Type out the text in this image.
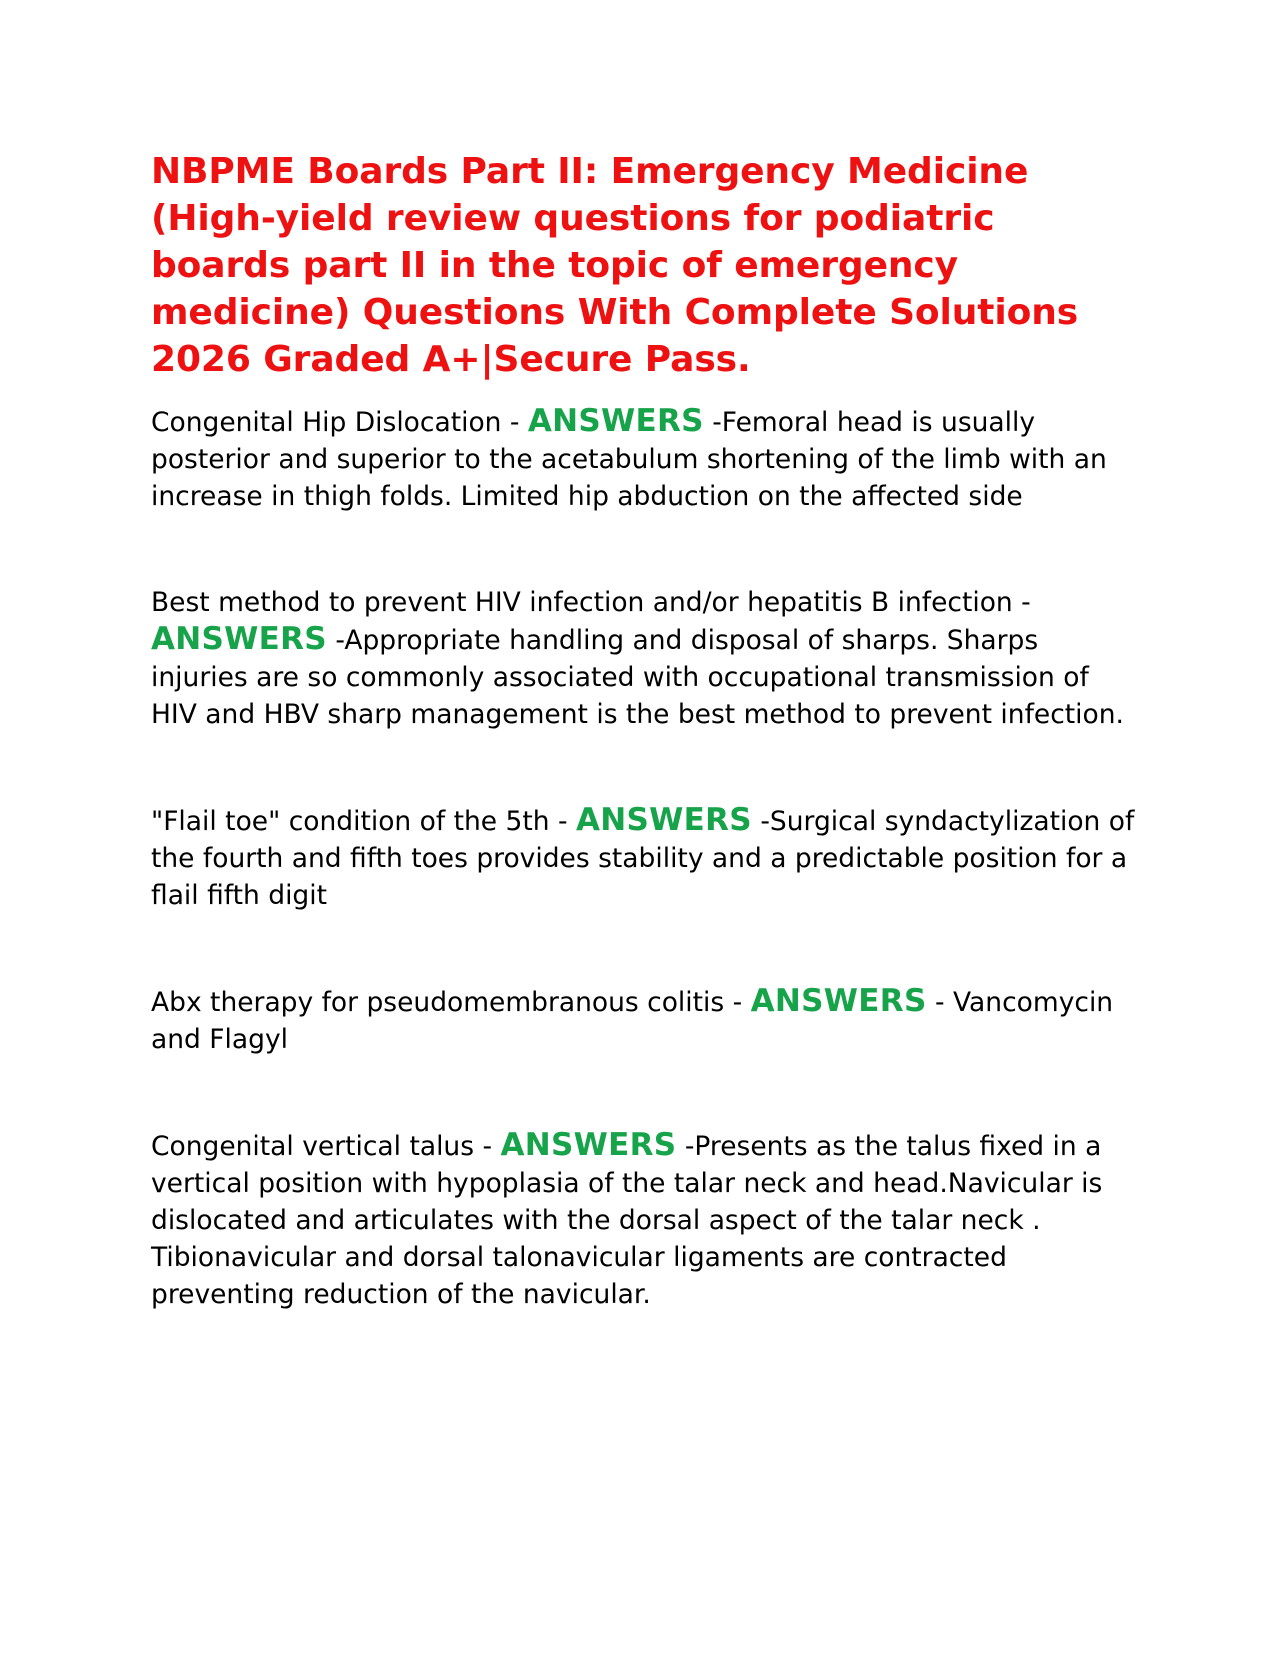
NBPME Boards Part II: Emergency Medicine (High-yield review questions for podiatric boards part II in the topic of emergency medicine) Questions With Complete Solutions 2026 Graded A+|Secure Pass.

Congenital Hip Dislocation - ANSWERS -Femoral head is usually posterior and superior to the acetabulum shortening of the limb with an increase in thigh folds. Limited hip abduction on the affected side

Best method to prevent HIV infection and/or hepatitis B infection - ANSWERS -Appropriate handling and disposal of sharps. Sharps injuries are so commonly associated with occupational transmission of HIV and HBV sharp management is the best method to prevent infection.

"Flail toe" condition of the 5th - ANSWERS -Surgical syndactylization of the fourth and fifth toes provides stability and a predictable position for a flail fifth digit

Abx therapy for pseudomembranous colitis - ANSWERS - Vancomycin and Flagyl

Congenital vertical talus - ANSWERS -Presents as the talus fixed in a vertical position with hypoplasia of the talar neck and head.Navicular is dislocated and articulates with the dorsal aspect of the talar neck . Tibionavicular and dorsal talonavicular ligaments are contracted preventing reduction of the navicular.
